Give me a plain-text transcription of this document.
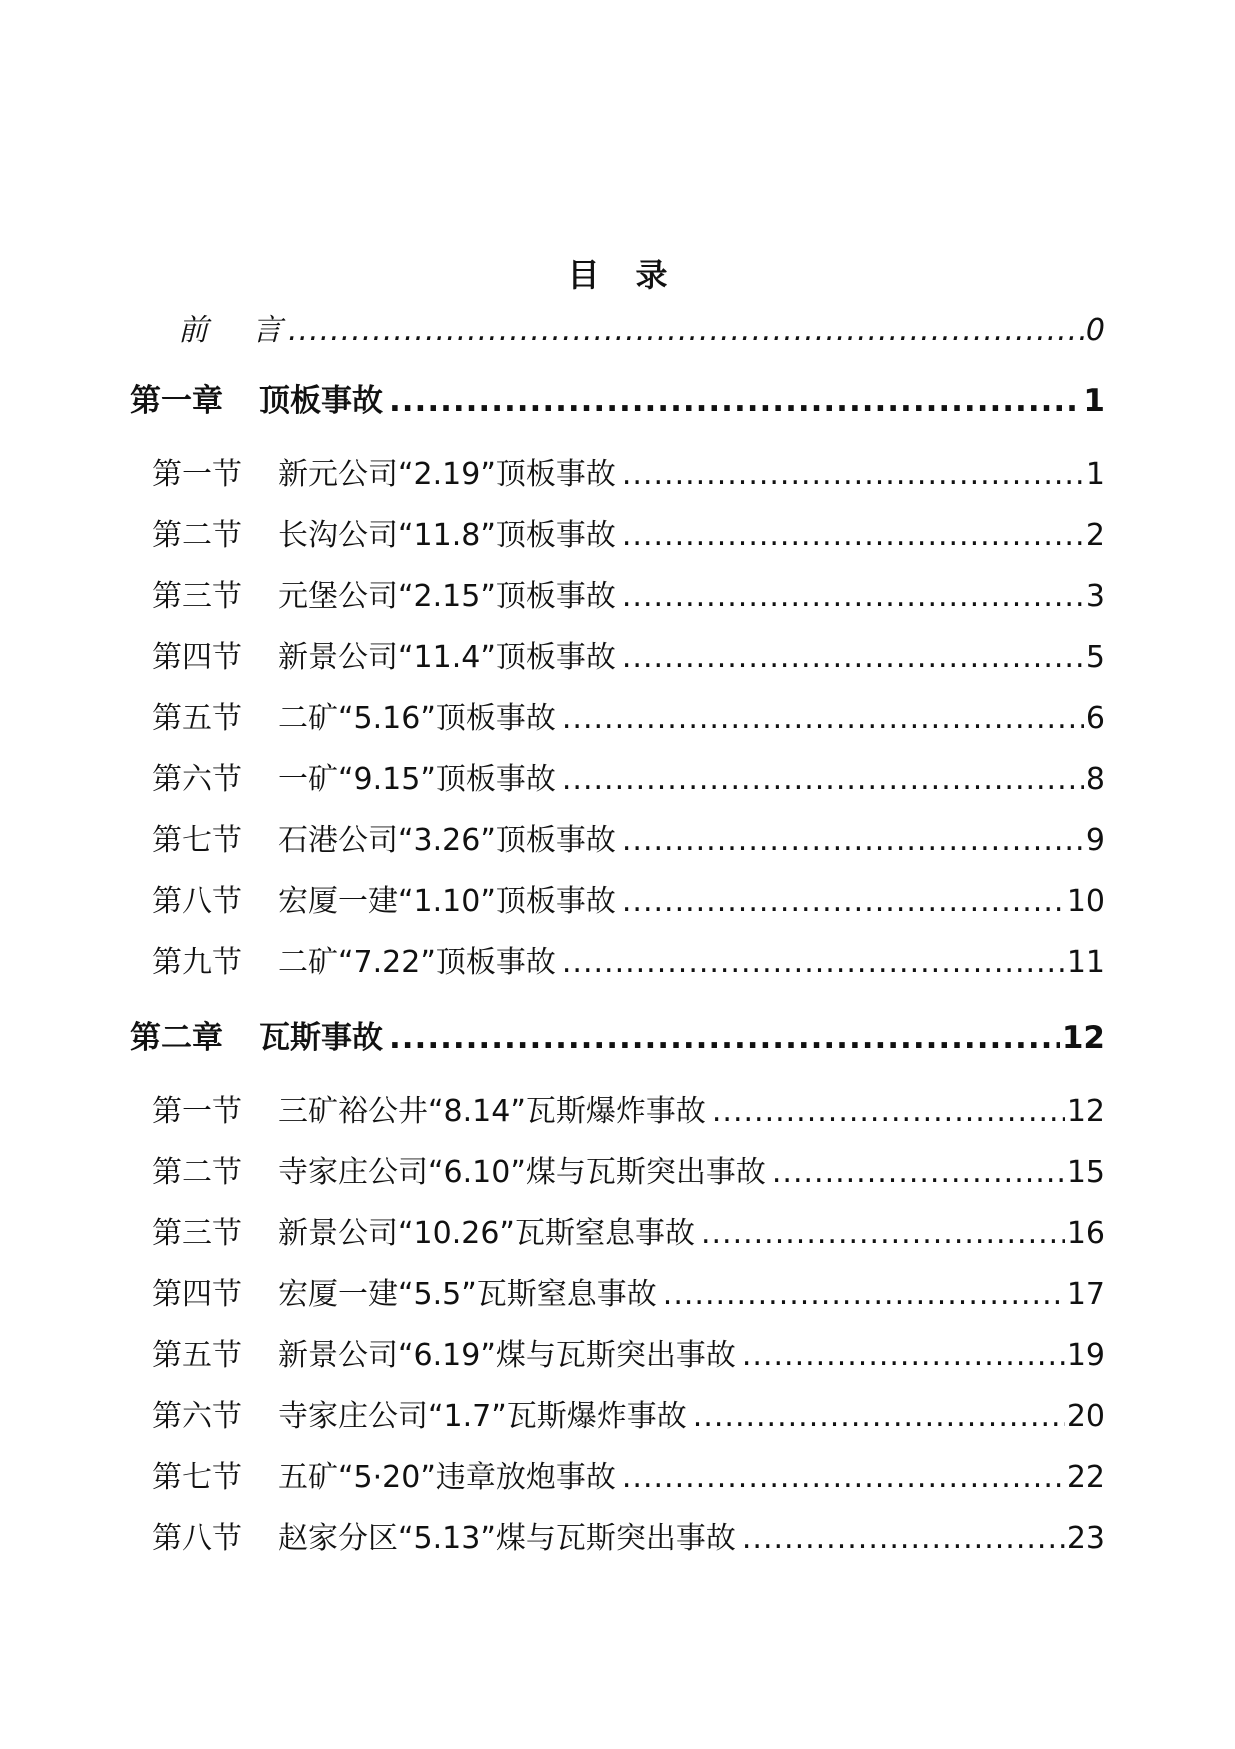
目 录
前 言 .....	0
第一章 顶板事故 .....	1
第一节 新元公司“2.19”顶板事故 .....	1
第二节 长沟公司“11.8”顶板事故 .....	2
第三节 元堡公司“2.15”顶板事故 .....	3
第四节 新景公司“11.4”顶板事故 .....	5
第五节 二矿“5.16”顶板事故 .....	6
第六节 一矿“9.15”顶板事故 .....	8
第七节 石港公司“3.26”顶板事故 .....	9
第八节 宏厦一建“1.10”顶板事故 .....	10
第九节 二矿“7.22”顶板事故 .....	11
第二章 瓦斯事故 .....	12
第一节 三矿裕公井“8.14”瓦斯爆炸事故 .....	12
第二节 寺家庄公司“6.10”煤与瓦斯突出事故 .....	15
第三节 新景公司“10.26”瓦斯窒息事故 .....	16
第四节 宏厦一建“5.5”瓦斯窒息事故 .....	17
第五节 新景公司“6.19”煤与瓦斯突出事故 .....	19
第六节 寺家庄公司“1.7”瓦斯爆炸事故 .....	20
第七节 五矿“5·20”违章放炮事故 .....	22
第八节 赵家分区“5.13”煤与瓦斯突出事故 .....	23
